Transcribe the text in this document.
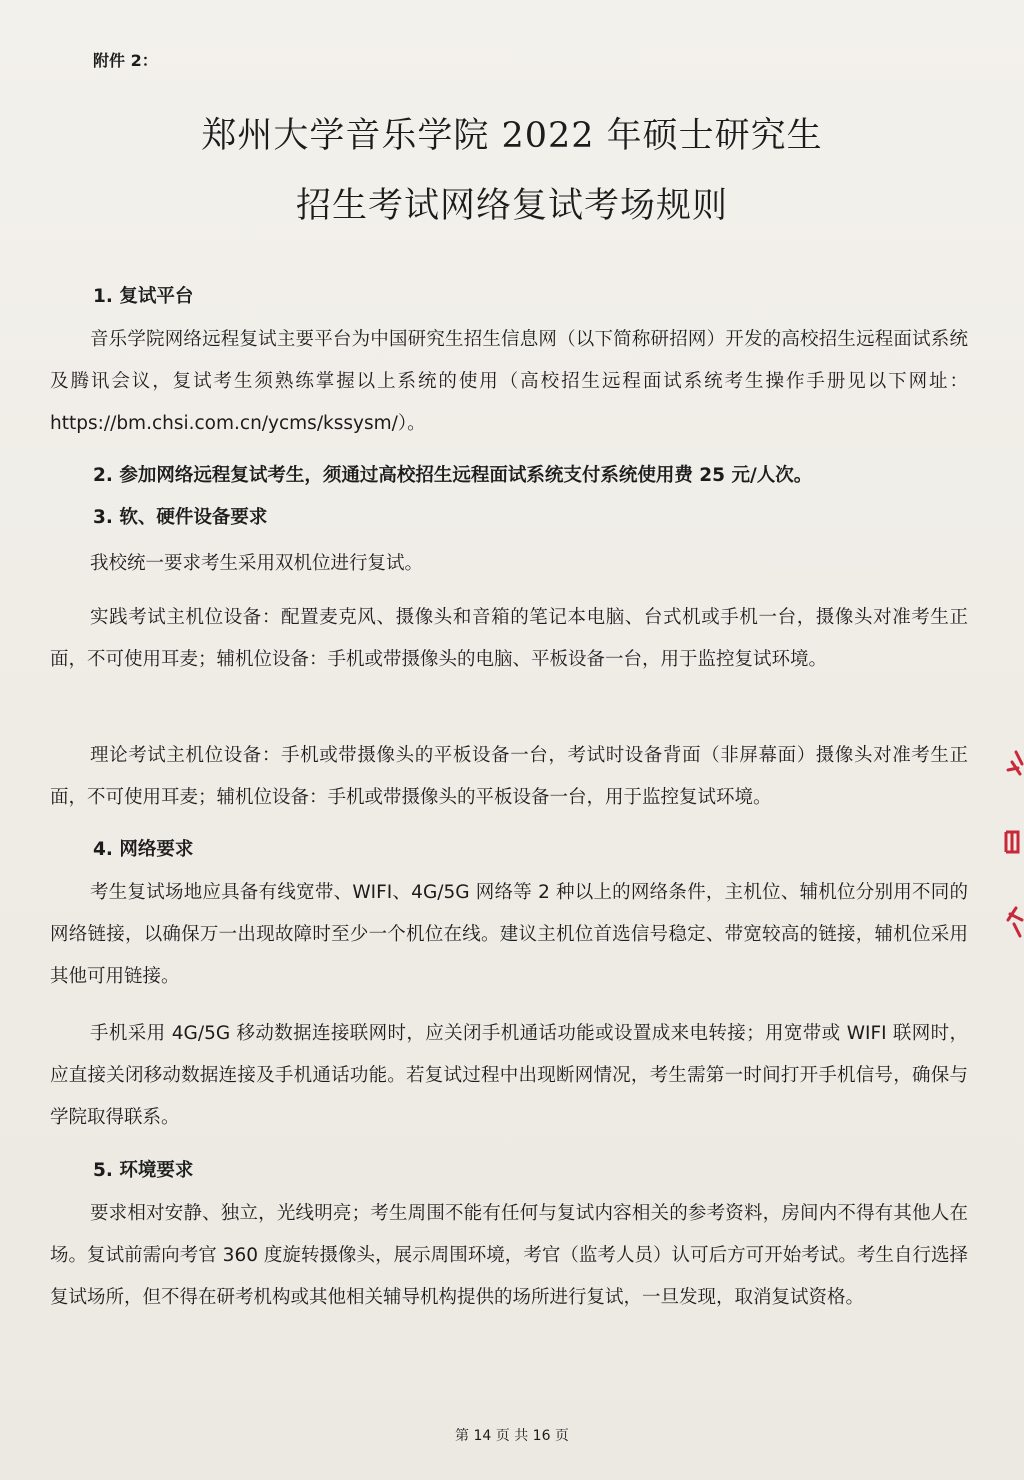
附件 2：
郑州大学音乐学院 2022 年硕士研究生
招生考试网络复试考场规则
1. 复试平台
音乐学院网络远程复试主要平台为中国研究生招生信息网（以下简称研招网）开发的高校招生远程面试系统及腾讯会议，复试考生须熟练掌握以上系统的使用（高校招生远程面试系统考生操作手册见以下网址：https://bm.chsi.com.cn/ycms/kssysm/）。
2. 参加网络远程复试考生，须通过高校招生远程面试系统支付系统使用费 25 元/人次。
3. 软、硬件设备要求
我校统一要求考生采用双机位进行复试。
实践考试主机位设备：配置麦克风、摄像头和音箱的笔记本电脑、台式机或手机一台，摄像头对准考生正面，不可使用耳麦；辅机位设备：手机或带摄像头的电脑、平板设备一台，用于监控复试环境。
理论考试主机位设备：手机或带摄像头的平板设备一台，考试时设备背面（非屏幕面）摄像头对准考生正面，不可使用耳麦；辅机位设备：手机或带摄像头的平板设备一台，用于监控复试环境。
4. 网络要求
考生复试场地应具备有线宽带、WIFI、4G/5G 网络等 2 种以上的网络条件，主机位、辅机位分别用不同的网络链接，以确保万一出现故障时至少一个机位在线。建议主机位首选信号稳定、带宽较高的链接，辅机位采用其他可用链接。
手机采用 4G/5G 移动数据连接联网时，应关闭手机通话功能或设置成来电转接；用宽带或 WIFI 联网时，应直接关闭移动数据连接及手机通话功能。若复试过程中出现断网情况，考生需第一时间打开手机信号，确保与学院取得联系。
5. 环境要求
要求相对安静、独立，光线明亮；考生周围不能有任何与复试内容相关的参考资料，房间内不得有其他人在场。复试前需向考官 360 度旋转摄像头，展示周围环境，考官（监考人员）认可后方可开始考试。考生自行选择复试场所，但不得在研考机构或其他相关辅导机构提供的场所进行复试，一旦发现，取消复试资格。
第 14 页 共 16 页
